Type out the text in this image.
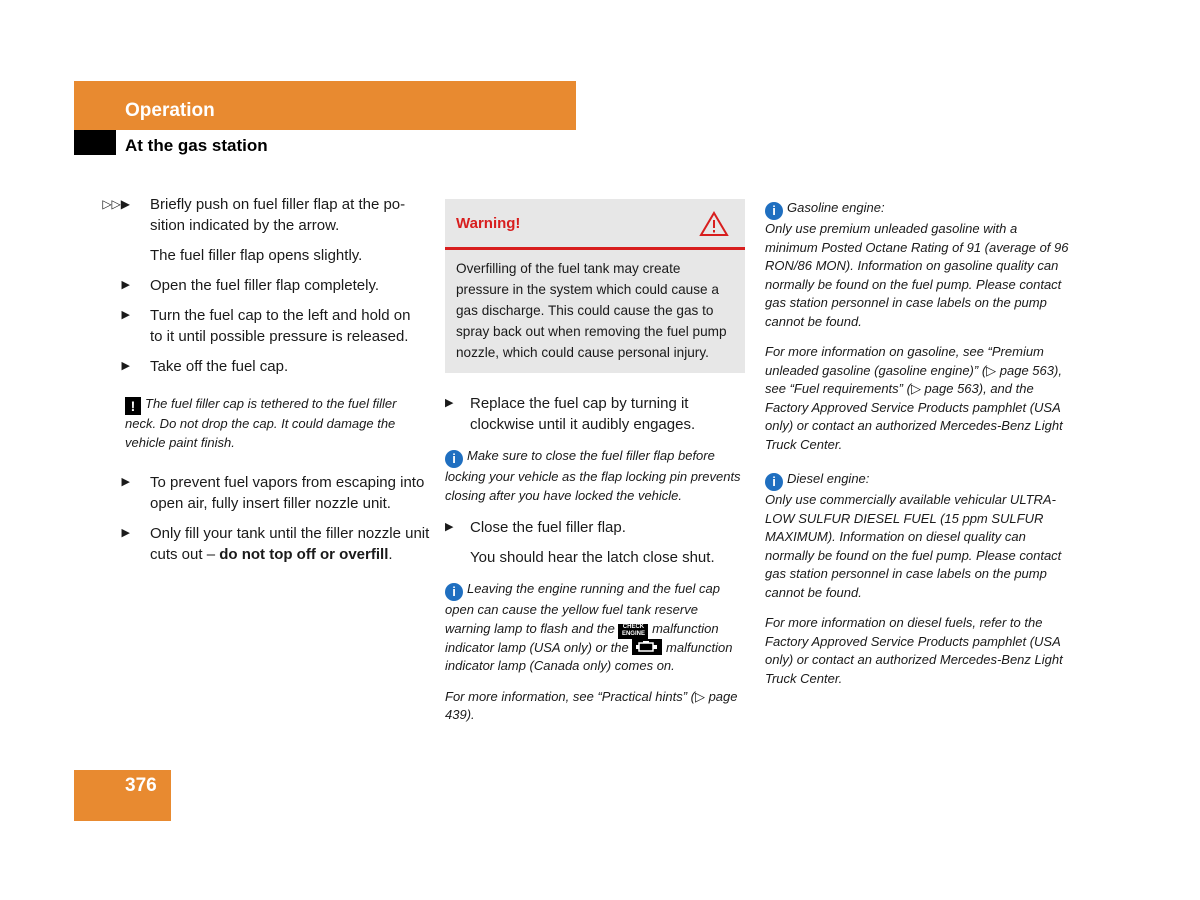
Operation
At the gas station
▷▷▶	Briefly push on fuel filler flap at the po-
sition indicated by the arrow.
The fuel filler flap opens slightly.
▶	Open the fuel filler flap completely.
▶	Turn the fuel cap to the left and hold on
to it until possible pressure is released.
▶	Take off the fuel cap.
! The fuel filler cap is tethered to the fuel filler neck. Do not drop the cap. It could damage the vehicle paint finish.
▶	To prevent fuel vapors from escaping into open air, fully insert filler nozzle unit.
▶	Only fill your tank until the filler nozzle unit cuts out – do not top off or overfill.
Warning!
Overfilling of the fuel tank may create pressure in the system which could cause a gas discharge. This could cause the gas to spray back out when removing the fuel pump nozzle, which could cause personal injury.
▶	Replace the fuel cap by turning it clockwise until it audibly engages.
i Make sure to close the fuel filler flap before locking your vehicle as the flap locking pin prevents closing after you have locked the vehicle.
▶	Close the fuel filler flap.
You should hear the latch close shut.
i Leaving the engine running and the fuel cap open can cause the yellow fuel tank reserve warning lamp to flash and the CHECK ENGINE malfunction indicator lamp (USA only) or the	malfunction indicator lamp (Canada only) comes on.
For more information, see “Practical hints” (▷ page 439).
i Gasoline engine:
Only use premium unleaded gasoline with a minimum Posted Octane Rating of 91 (average of 96 RON/86 MON). Information on gasoline quality can normally be found on the fuel pump. Please contact gas station personnel in case labels on the pump cannot be found.
For more information on gasoline, see “Premium unleaded gasoline (gasoline engine)” (▷ page 563), see “Fuel requirements” (▷ page 563), and the Factory Approved Service Products pamphlet (USA only) or contact an authorized Mercedes-Benz Light Truck Center.
i Diesel engine:
Only use commercially available vehicular ULTRA-LOW SULFUR DIESEL FUEL (15 ppm SULFUR MAXIMUM). Information on diesel quality can normally be found on the fuel pump. Please contact gas station personnel in case labels on the pump cannot be found.
For more information on diesel fuels, refer to the Factory Approved Service Products pamphlet (USA only) or contact an authorized Mercedes-Benz Light Truck Center.
376
